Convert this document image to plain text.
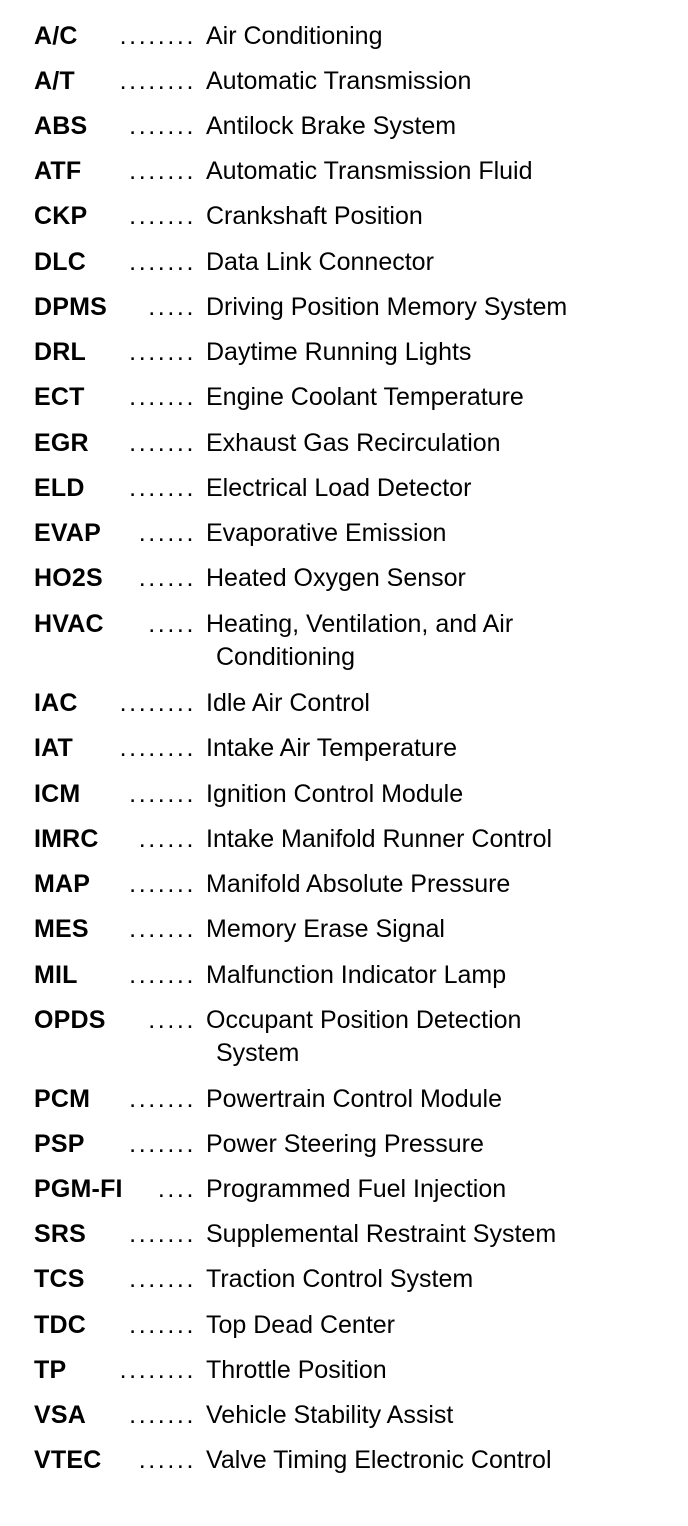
A/C ........ Air Conditioning
A/T ........ Automatic Transmission
ABS ....... Antilock Brake System
ATF ....... Automatic Transmission Fluid
CKP ....... Crankshaft Position
DLC ....... Data Link Connector
DPMS ..... Driving Position Memory System
DRL ....... Daytime Running Lights
ECT ....... Engine Coolant Temperature
EGR ....... Exhaust Gas Recirculation
ELD ....... Electrical Load Detector
EVAP ...... Evaporative Emission
HO2S ...... Heated Oxygen Sensor
HVAC ..... Heating, Ventilation, and Air
Conditioning
IAC ........ Idle Air Control
IAT ........ Intake Air Temperature
ICM ....... Ignition Control Module
IMRC ...... Intake Manifold Runner Control
MAP ....... Manifold Absolute Pressure
MES ....... Memory Erase Signal
MIL ....... Malfunction Indicator Lamp
OPDS ..... Occupant Position Detection
System
PCM ....... Powertrain Control Module
PSP ....... Power Steering Pressure
PGM-FI .... Programmed Fuel Injection
SRS ....... Supplemental Restraint System
TCS ....... Traction Control System
TDC ....... Top Dead Center
TP ........ Throttle Position
VSA ....... Vehicle Stability Assist
VTEC ...... Valve Timing Electronic Control
